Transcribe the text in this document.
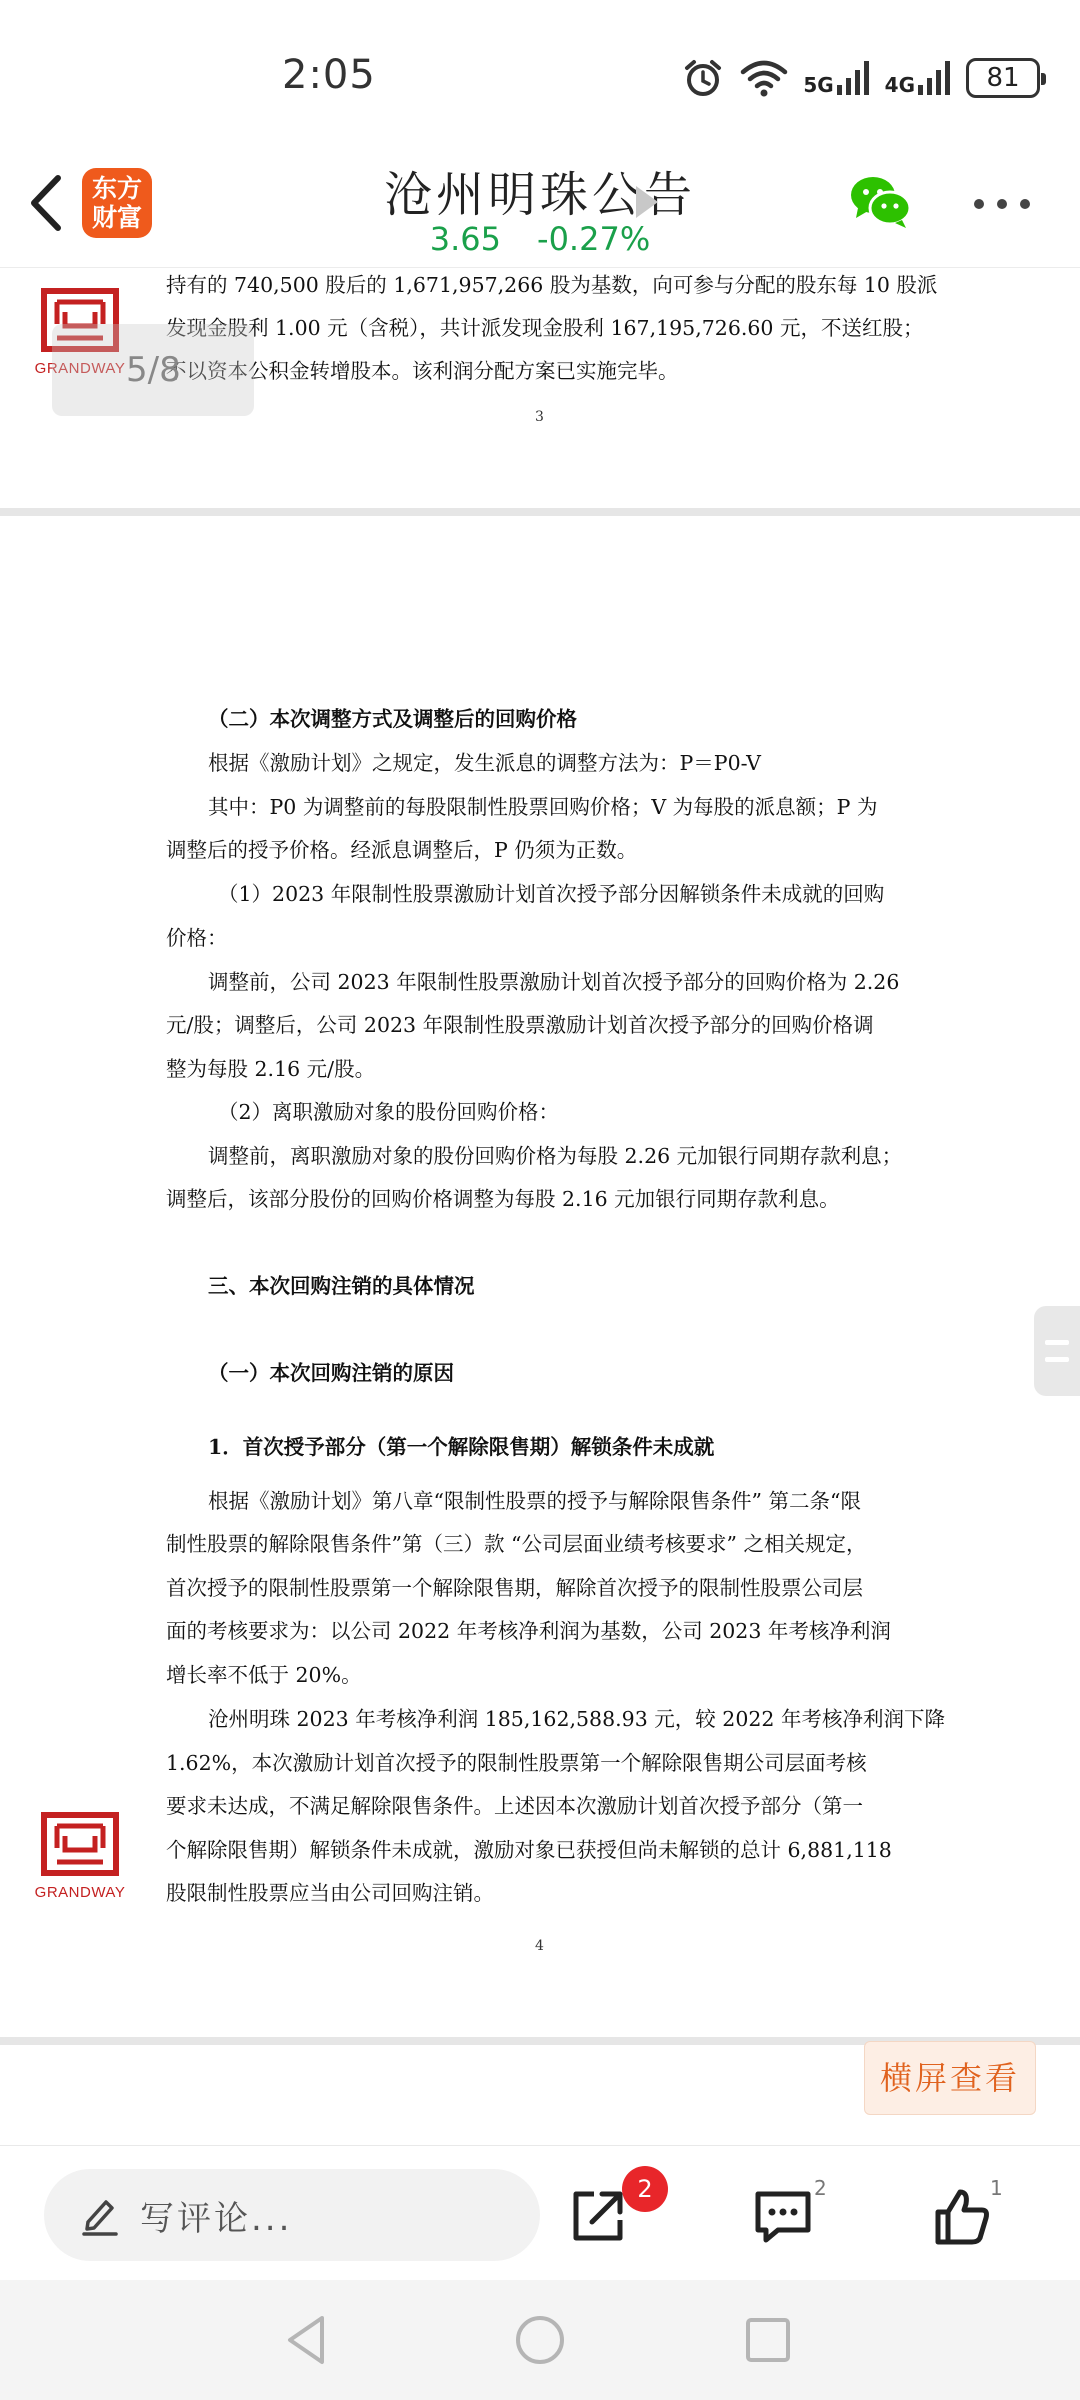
2:05	5G	4G	81
东方
财富	沧州明珠公告
3.65 -0.27%
持有的 740,500 股后的 1,671,957,266 股为基数，向可参与分配的股东每 10 股派
发现金股利 1.00 元（含税），共计派发现金股利 167,195,726.60 元，不送红股；
不以资本公积金转增股本。该利润分配方案已实施完毕。
3
GRANDWAY 5/8
（二）本次调整方式及调整后的回购价格
根据《激励计划》之规定，发生派息的调整方法为：P＝P0-V
其中：P0 为调整前的每股限制性股票回购价格；V 为每股的派息额；P 为
调整后的授予价格。经派息调整后，P 仍须为正数。
（1）2023 年限制性股票激励计划首次授予部分因解锁条件未成就的回购
价格：
调整前，公司 2023 年限制性股票激励计划首次授予部分的回购价格为 2.26
元/股；调整后，公司 2023 年限制性股票激励计划首次授予部分的回购价格调
整为每股 2.16 元/股。
（2）离职激励对象的股份回购价格：
调整前，离职激励对象的股份回购价格为每股 2.26 元加银行同期存款利息；
调整后，该部分股份的回购价格调整为每股 2.16 元加银行同期存款利息。
三、本次回购注销的具体情况
（一）本次回购注销的原因
1．首次授予部分（第一个解除限售期）解锁条件未成就
根据《激励计划》第八章“限制性股票的授予与解除限售条件” 第二条“限
制性股票的解除限售条件”第（三）款 “公司层面业绩考核要求” 之相关规定，
首次授予的限制性股票第一个解除限售期，解除首次授予的限制性股票公司层
面的考核要求为：以公司 2022 年考核净利润为基数，公司 2023 年考核净利润
增长率不低于 20%。
沧州明珠 2023 年考核净利润 185,162,588.93 元，较 2022 年考核净利润下降
1.62%，本次激励计划首次授予的限制性股票第一个解除限售期公司层面考核
要求未达成，不满足解除限售条件。上述因本次激励计划首次授予部分（第一
个解除限售期）解锁条件未成就，激励对象已获授但尚未解锁的总计 6,881,118
股限制性股票应当由公司回购注销。
4
GRANDWAY
横屏查看
写评论...
2	2	1
